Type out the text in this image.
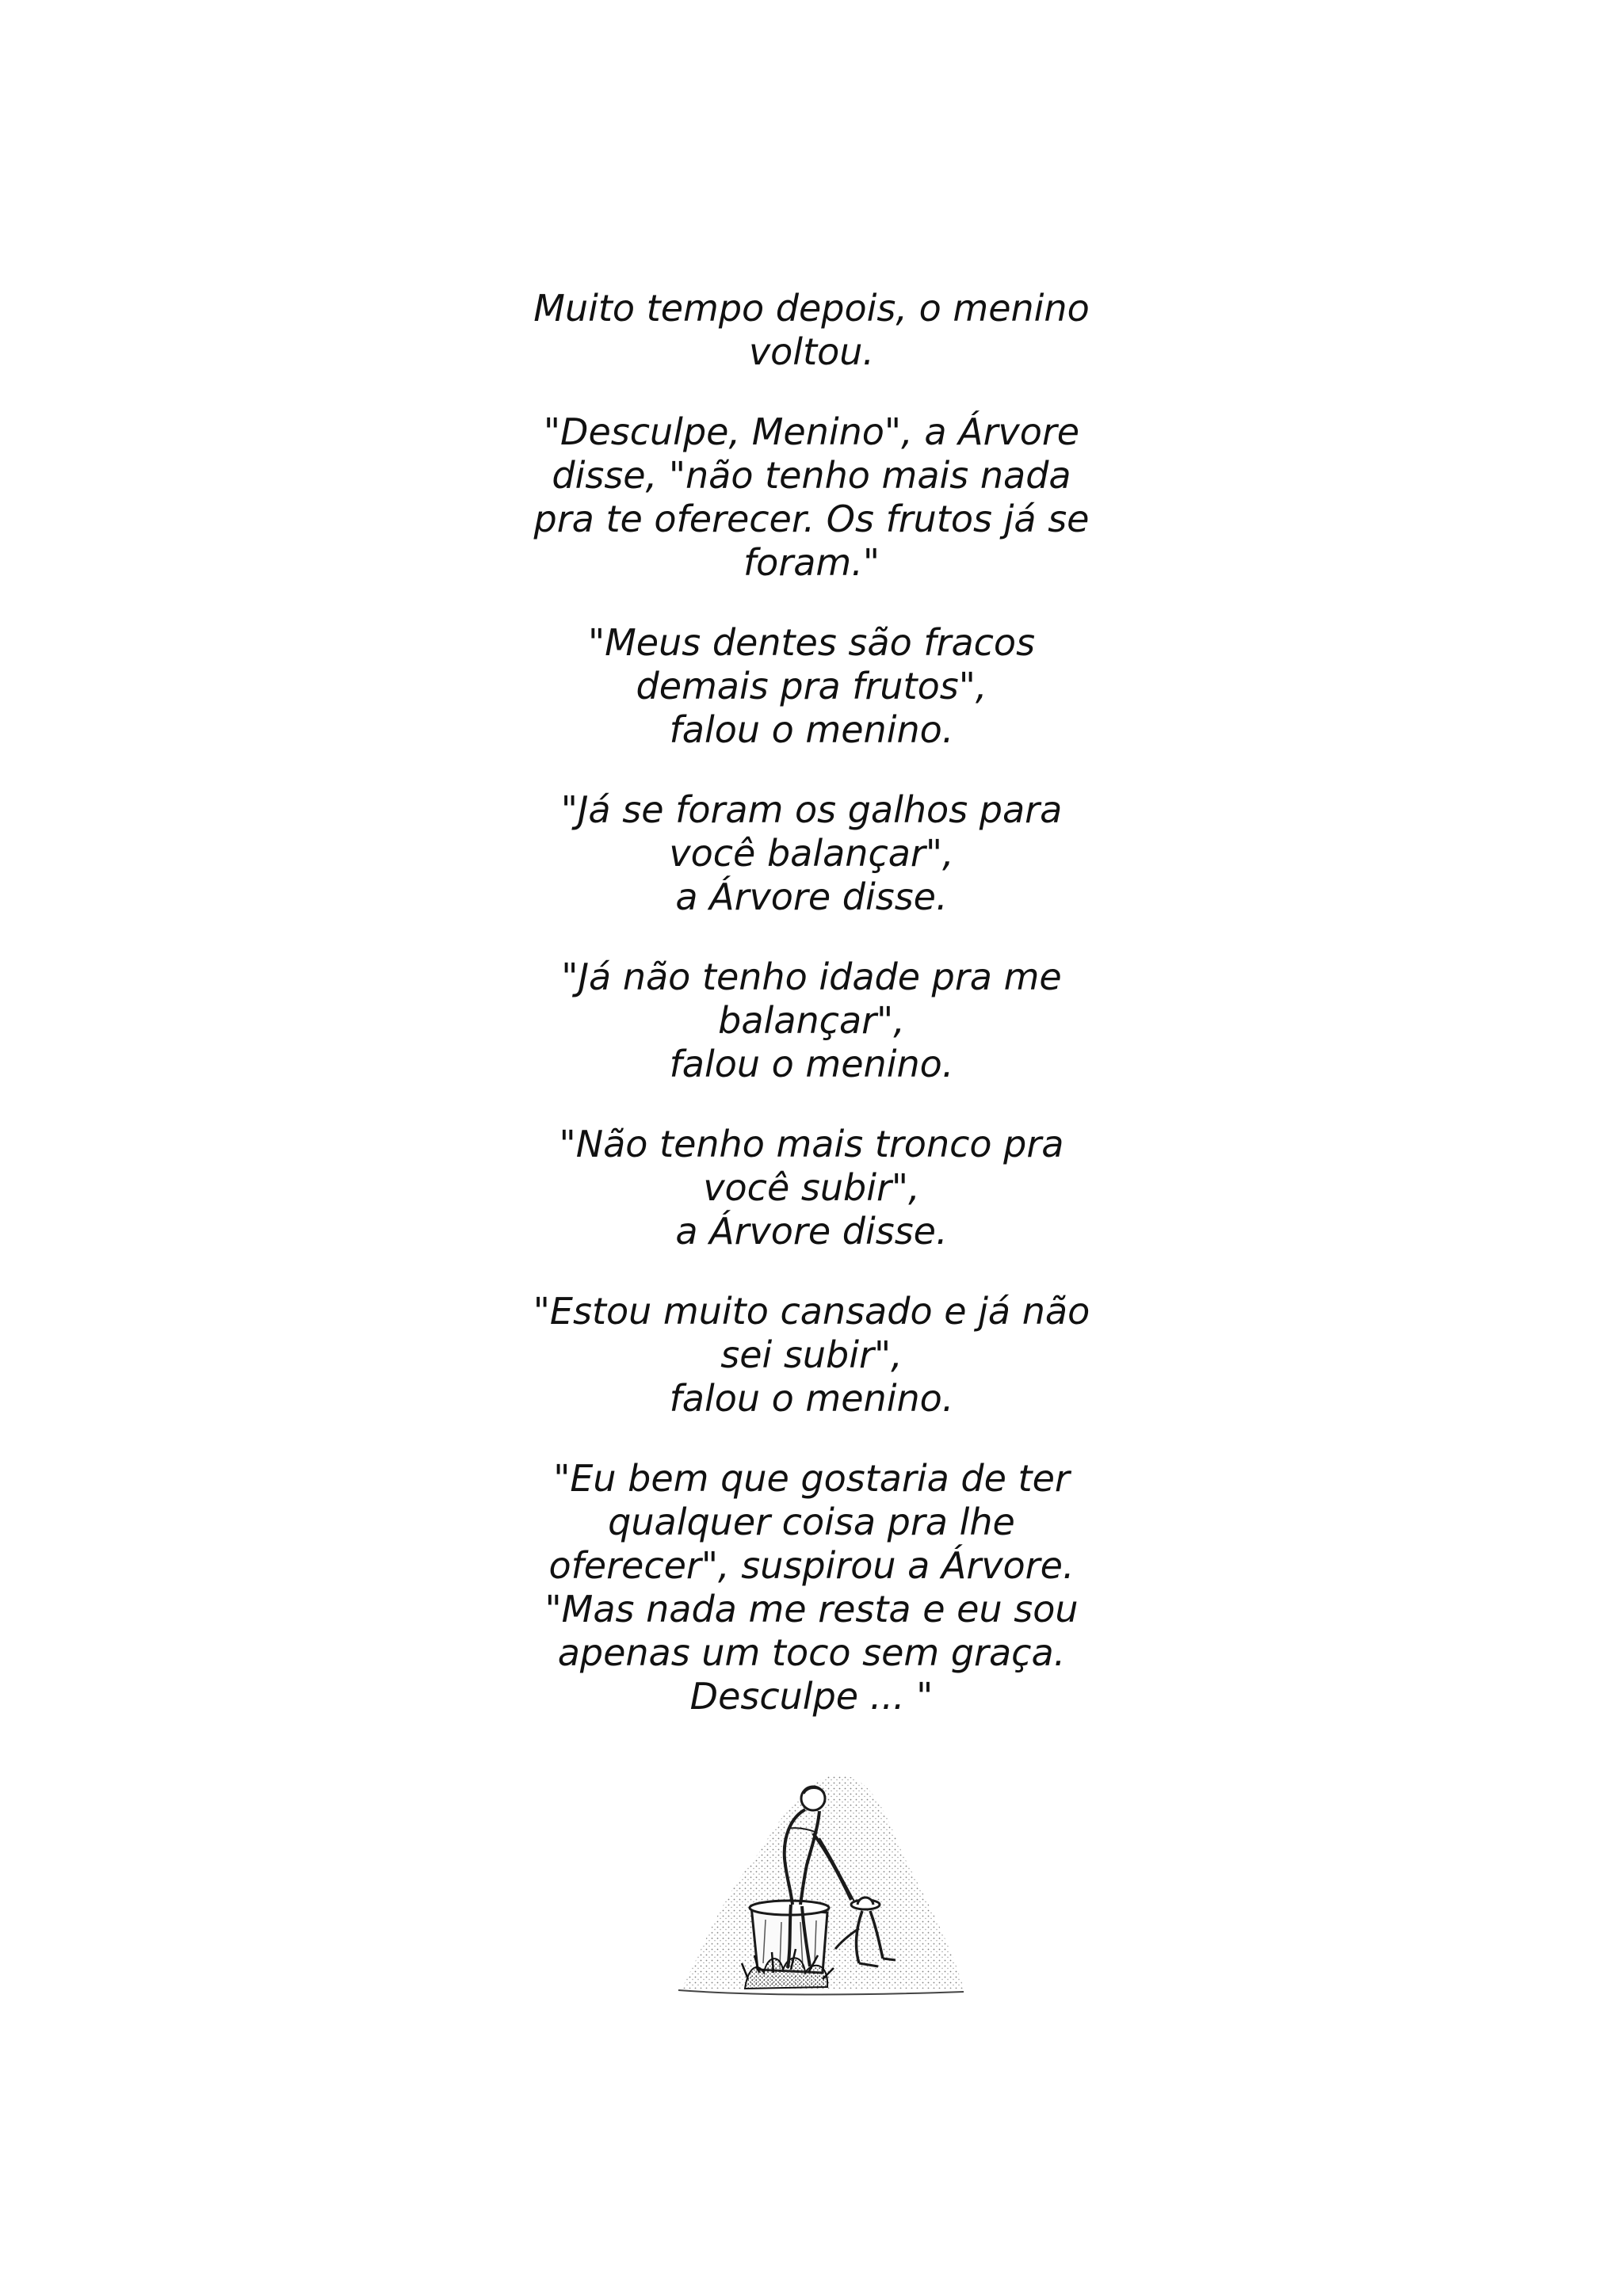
Muito tempo depois, o menino
voltou.
"Desculpe, Menino", a Árvore
disse, "não tenho mais nada
pra te oferecer. Os frutos já se
foram."
"Meus dentes são fracos
demais pra frutos",
falou o menino.
"Já se foram os galhos para
você balançar",
a Árvore disse.
"Já não tenho idade pra me
balançar",
falou o menino.
"Não tenho mais tronco pra
você subir",
a Árvore disse.
"Estou muito cansado e já não
sei subir",
falou o menino.
"Eu bem que gostaria de ter
qualquer coisa pra lhe
oferecer", suspirou a Árvore.
"Mas nada me resta e eu sou
apenas um toco sem graça.
Desculpe ... "
